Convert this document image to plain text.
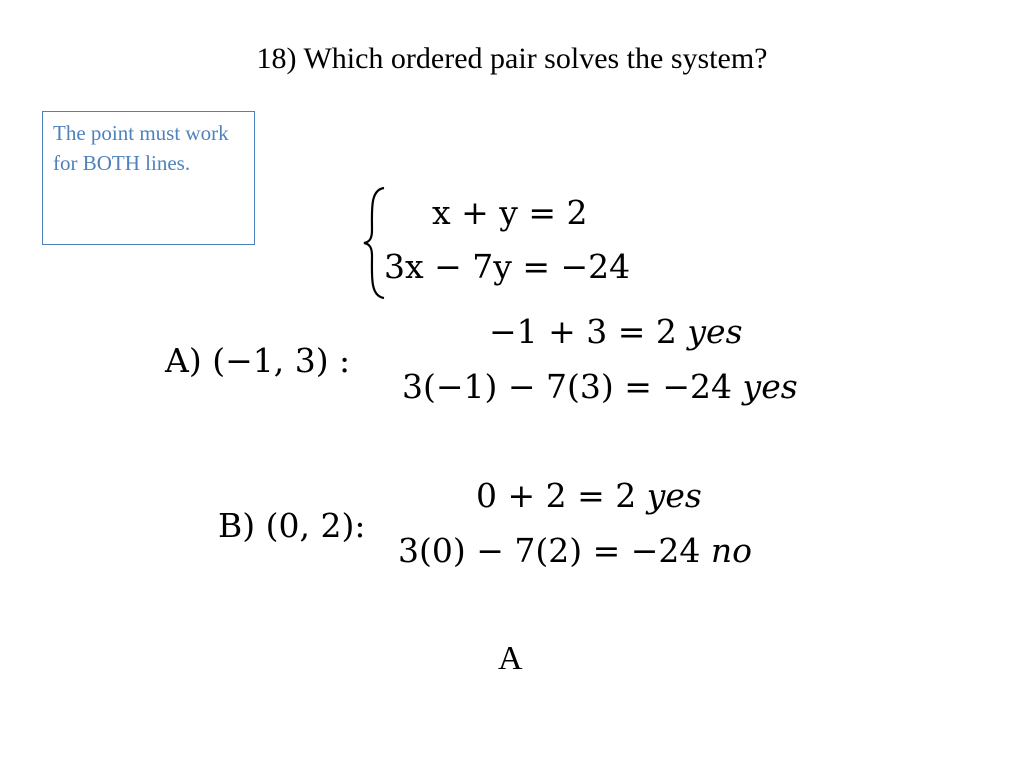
18) Which ordered pair solves the system?
The point must work for BOTH lines.
x + y = 2
3x − 7y = −24
A) (−1, 3) :
−1 + 3 = 2 yes
3(−1) − 7(3) = −24 yes
B) (0, 2):
0 + 2 = 2 yes
3(0) − 7(2) = −24 no
A
